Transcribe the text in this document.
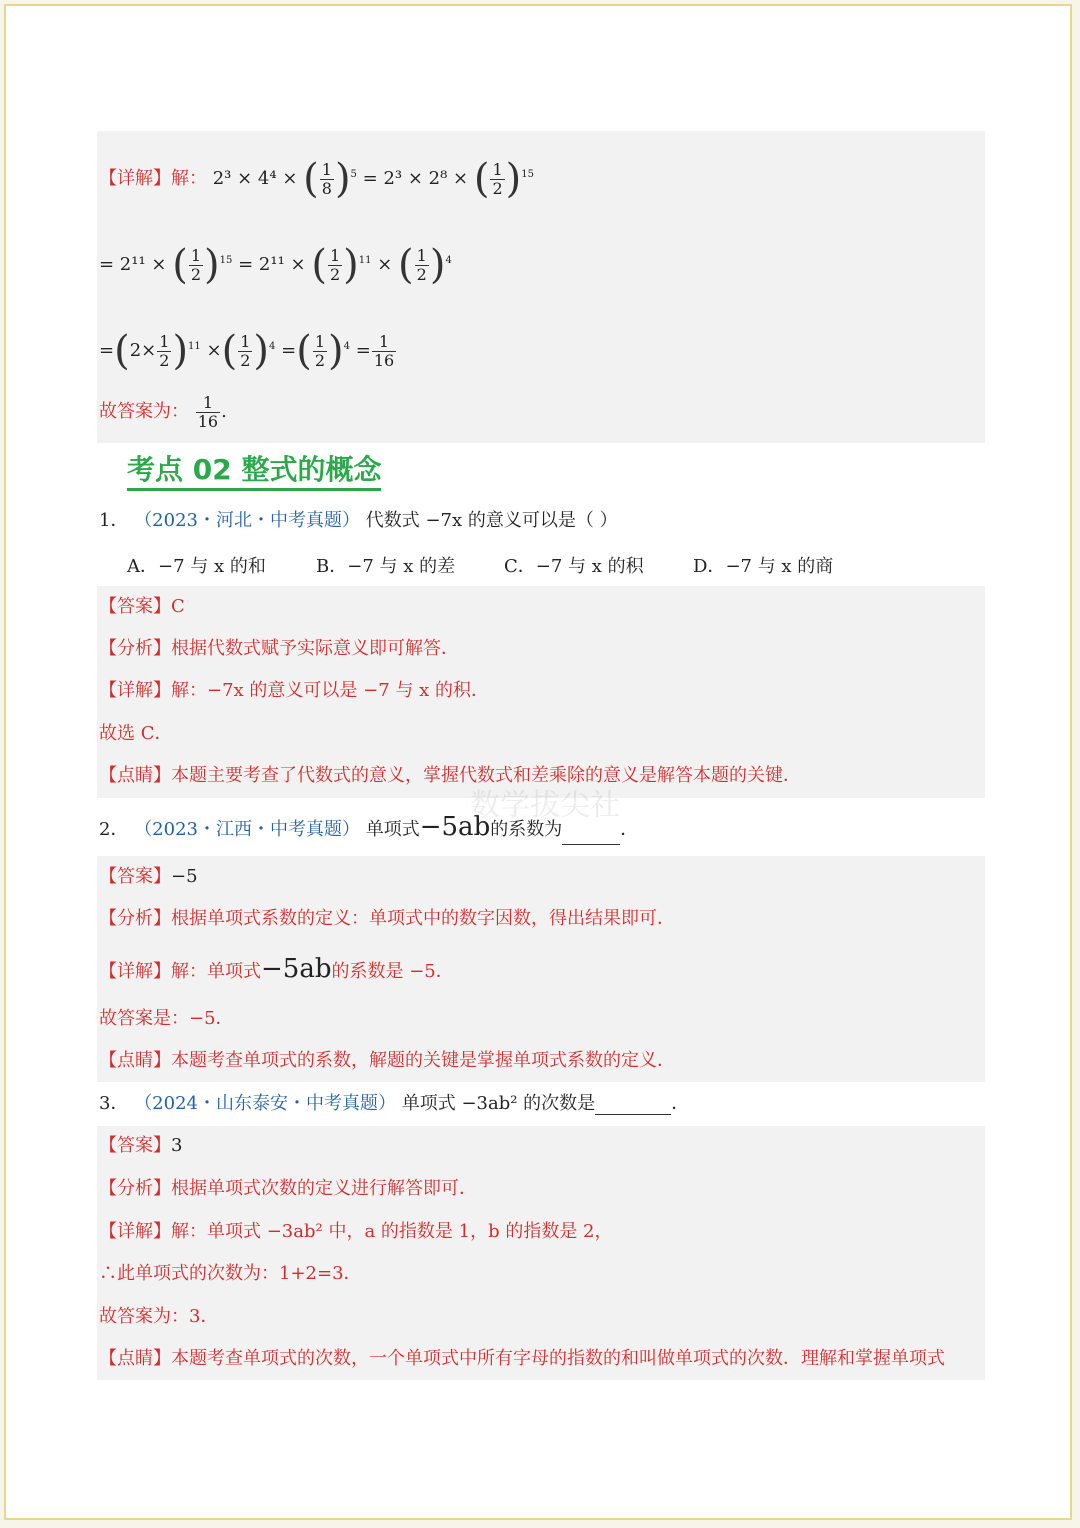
【详解】解： 2³ × 4⁴ × ( $\frac{1}{8} )^5 = 2^3 \times 2^8$ × ( $\frac{1}{2} )^{15}$
= 2¹¹ × ( $\frac{1}{2} )^{15} = 2^{11}$ × ( $\frac{1}{2} )^{11}$ × ( $\frac{1}{2} )^4$
$=(2\times \frac{1}{2} )^{11}$ ×( $\frac{1}{2} )^4$ =( $\frac{1}{2} )^4 = \frac{1}{16}$
故答案为： $\frac{1}{16}$ .
考点 02 整式的概念
1． （2023・河北・中考真题） 代数式 −7x 的意义可以是（ ）
A．−7 与 x 的和	B．−7 与 x 的差	C．−7 与 x 的积	D．−7 与 x 的商
【答案】C
【分析】根据代数式赋予实际意义即可解答．
【详解】解：−7x 的意义可以是 −7 与 x 的积．
故选 C．
【点睛】本题主要考查了代数式的意义，掌握代数式和差乘除的意义是解答本题的关键．
数学拔尖社
2． （2023・江西・中考真题） 单项式−5ab的系数为	．
【答案】−5
【分析】根据单项式系数的定义：单项式中的数字因数，得出结果即可．
【详解】解：单项式−5ab的系数是 −5．
故答案是：−5．
【点睛】本题考查单项式的系数，解题的关键是掌握单项式系数的定义．
3． （2024・山东泰安・中考真题） 单项式 −3ab² 的次数是	．
【答案】3
【分析】根据单项式次数的定义进行解答即可．
【详解】解：单项式 −3ab² 中，a 的指数是 1，b 的指数是 2，
∴此单项式的次数为：1+2=3．
故答案为：3．
【点睛】本题考查单项式的次数，一个单项式中所有字母的指数的和叫做单项式的次数．理解和掌握单项式
